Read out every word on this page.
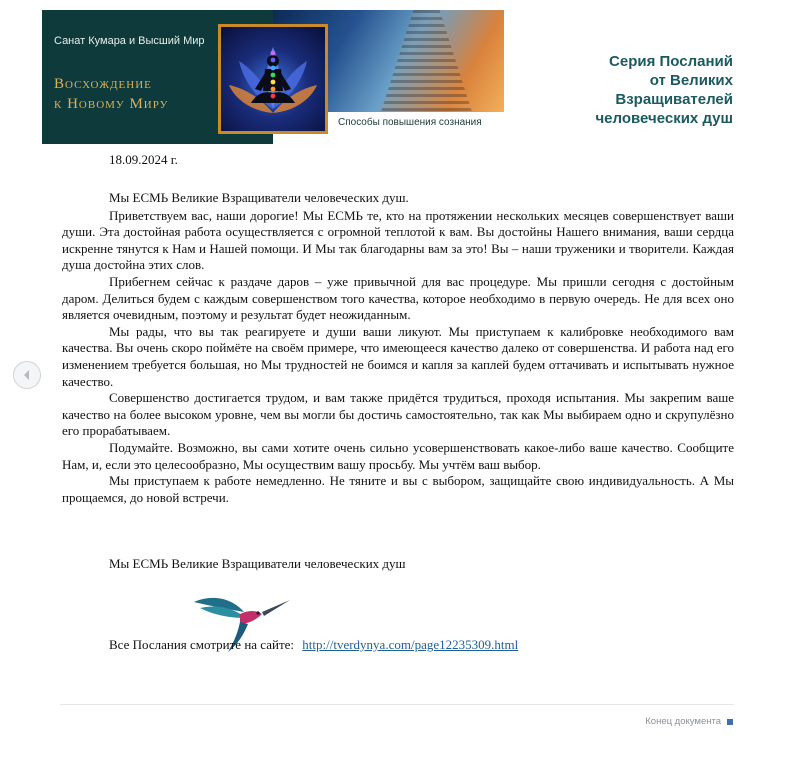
Санат Кумара и Высший Мир
Восхождение
к Новому Миру
Способы повышения сознания
Серия Посланий
от Великих
Взращивателей
человеческих душ
18.09.2024 г.

Мы ЕСМЬ Великие Взращиватели человеческих душ.

Приветствуем вас, наши дорогие! Мы ЕСМЬ те, кто на протяжении нескольких месяцев совершенствует ваши души. Эта достойная работа осуществляется с огромной теплотой к вам. Вы достойны Нашего внимания, ваши сердца искренне тянутся к Нам и Нашей помощи. И Мы так благодарны вам за это! Вы – наши труженики и творители. Каждая душа достойна этих слов.

Прибегнем сейчас к раздаче даров – уже привычной для вас процедуре. Мы пришли сегодня с достойным даром. Делиться будем с каждым совершенством того качества, которое необходимо в первую очередь. Не для всех оно является очевидным, поэтому и результат будет неожиданным.

Мы рады, что вы так реагируете и души ваши ликуют. Мы приступаем к калибровке необходимого вам качества. Вы очень скоро поймёте на своём примере, что имеющееся качество далеко от совершенства. И работа над его изменением требуется большая, но Мы трудностей не боимся и капля за каплей будем оттачивать и испытывать нужное качество.

Совершенство достигается трудом, и вам также придётся трудиться, проходя испытания. Мы закрепим ваше качество на более высоком уровне, чем вы могли бы достичь самостоятельно, так как Мы выбираем одно и скрупулёзно его прорабатываем.

Подумайте. Возможно, вы сами хотите очень сильно усовершенствовать какое-либо ваше качество. Сообщите Нам, и, если это целесообразно, Мы осуществим вашу просьбу. Мы учтём ваш выбор.

Мы приступаем к работе немедленно. Не тяните и вы с выбором, защищайте свою индивидуальность. А Мы прощаемся, до новой встречи.

Мы ЕСМЬ Великие Взращиватели человеческих душ
Все Послания смотрите на сайте: http://tverdynya.com/page12235309.html
Конец документа
